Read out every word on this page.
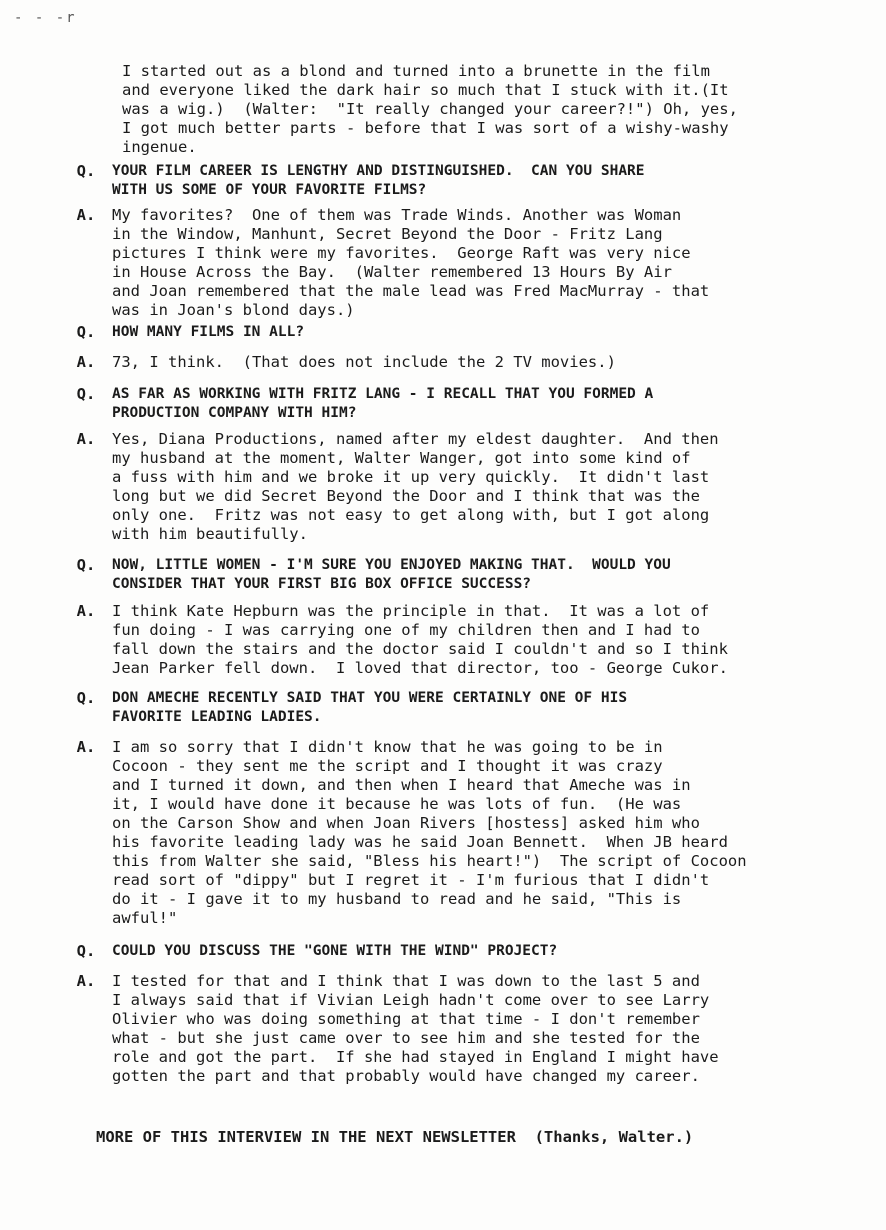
- - -r
I started out as a blond and turned into a brunette in the film
and everyone liked the dark hair so much that I stuck with it.(It
was a wig.)  (Walter:  "It really changed your career?!") Oh, yes,
I got much better parts - before that I was sort of a wishy-washy
ingenue.
Q.	YOUR FILM CAREER IS LENGTHY AND DISTINGUISHED.  CAN YOU SHARE
WITH US SOME OF YOUR FAVORITE FILMS?
A.	My favorites?  One of them was Trade Winds. Another was Woman
in the Window, Manhunt, Secret Beyond the Door - Fritz Lang
pictures I think were my favorites.  George Raft was very nice
in House Across the Bay.  (Walter remembered 13 Hours By Air
and Joan remembered that the male lead was Fred MacMurray - that
was in Joan's blond days.)
Q.	HOW MANY FILMS IN ALL?
A.	73, I think.  (That does not include the 2 TV movies.)
Q.	AS FAR AS WORKING WITH FRITZ LANG - I RECALL THAT YOU FORMED A
PRODUCTION COMPANY WITH HIM?
A.	Yes, Diana Productions, named after my eldest daughter.  And then
my husband at the moment, Walter Wanger, got into some kind of
a fuss with him and we broke it up very quickly.  It didn't last
long but we did Secret Beyond the Door and I think that was the
only one.  Fritz was not easy to get along with, but I got along
with him beautifully.
Q.	NOW, LITTLE WOMEN - I'M SURE YOU ENJOYED MAKING THAT.  WOULD YOU
CONSIDER THAT YOUR FIRST BIG BOX OFFICE SUCCESS?
A.	I think Kate Hepburn was the principle in that.  It was a lot of
fun doing - I was carrying one of my children then and I had to
fall down the stairs and the doctor said I couldn't and so I think
Jean Parker fell down.  I loved that director, too - George Cukor.
Q.	DON AMECHE RECENTLY SAID THAT YOU WERE CERTAINLY ONE OF HIS
FAVORITE LEADING LADIES.
A.	I am so sorry that I didn't know that he was going to be in
Cocoon - they sent me the script and I thought it was crazy
and I turned it down, and then when I heard that Ameche was in
it, I would have done it because he was lots of fun.  (He was
on the Carson Show and when Joan Rivers [hostess] asked him who
his favorite leading lady was he said Joan Bennett.  When JB heard
this from Walter she said, "Bless his heart!")  The script of Cocoon
read sort of "dippy" but I regret it - I'm furious that I didn't
do it - I gave it to my husband to read and he said, "This is
awful!"
Q.	COULD YOU DISCUSS THE "GONE WITH THE WIND" PROJECT?
A.	I tested for that and I think that I was down to the last 5 and
I always said that if Vivian Leigh hadn't come over to see Larry
Olivier who was doing something at that time - I don't remember
what - but she just came over to see him and she tested for the
role and got the part.  If she had stayed in England I might have
gotten the part and that probably would have changed my career.
MORE OF THIS INTERVIEW IN THE NEXT NEWSLETTER  (Thanks, Walter.)
